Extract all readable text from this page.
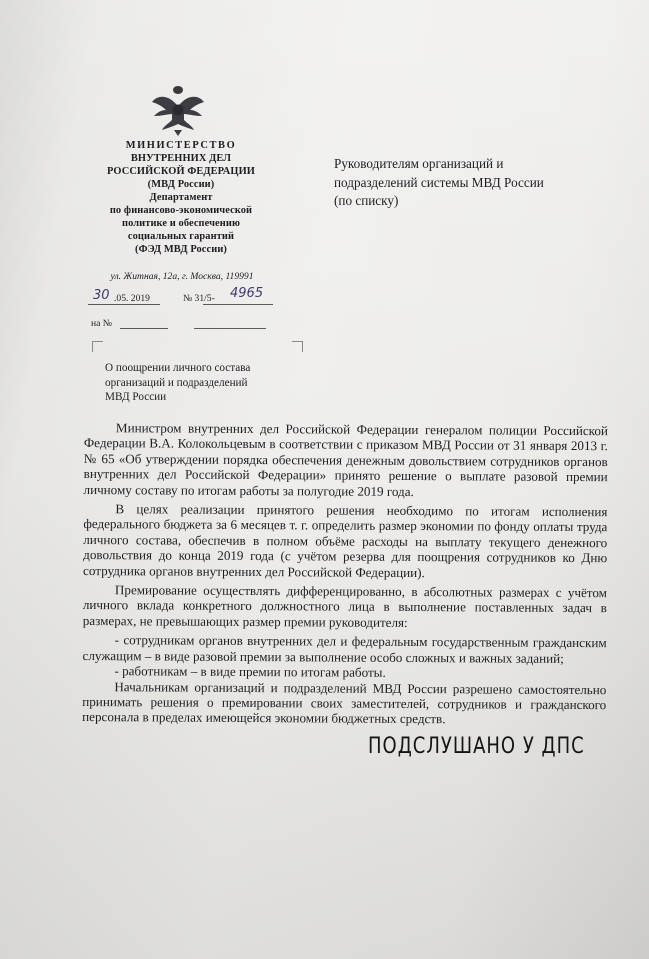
МИНИСТЕРСТВО
ВНУТРЕННИХ ДЕЛ
РОССИЙСКОЙ ФЕДЕРАЦИИ
(МВД России)
Департамент
по финансово-экономической
политике и обеспечению
социальных гарантий
(ФЭД МВД России)
ул. Житная, 12а, г. Москва, 119991
30 .05. 2019	№ 31/5- 4965
на №
Руководителям организаций и
подразделений системы МВД России
(по списку)
О поощрении личного состава
организаций и подразделений
МВД России

Министром внутренних дел Российской Федерации генералом полиции Российской Федерации В.А. Колокольцевым в соответствии с приказом МВД России от 31 января 2013 г. № 65 «Об утверждении порядка обеспечения денежным довольствием сотрудников органов внутренних дел Российской Федерации» принято решение о выплате разовой премии личному составу по итогам работы за полугодие 2019 года.

В целях реализации принятого решения необходимо по итогам исполнения федерального бюджета за 6 месяцев т. г. определить размер экономии по фонду оплаты труда личного состава, обеспечив в полном объёме расходы на выплату текущего денежного довольствия до конца 2019 года (с учётом резерва для поощрения сотрудников ко Дню сотрудника органов внутренних дел Российской Федерации).

Премирование осуществлять дифференцированно, в абсолютных размерах с учётом личного вклада конкретного должностного лица в выполнение поставленных задач в размерах, не превышающих размер премии руководителя:

- сотрудникам органов внутренних дел и федеральным государственным гражданским служащим – в виде разовой премии за выполнение особо сложных и важных заданий;

- работникам – в виде премии по итогам работы.

Начальникам организаций и подразделений МВД России разрешено самостоятельно принимать решения о премировании своих заместителей, сотрудников и гражданского персонала в пределах имеющейся экономии бюджетных средств.

ПОДСЛУШАНО У ДПС
